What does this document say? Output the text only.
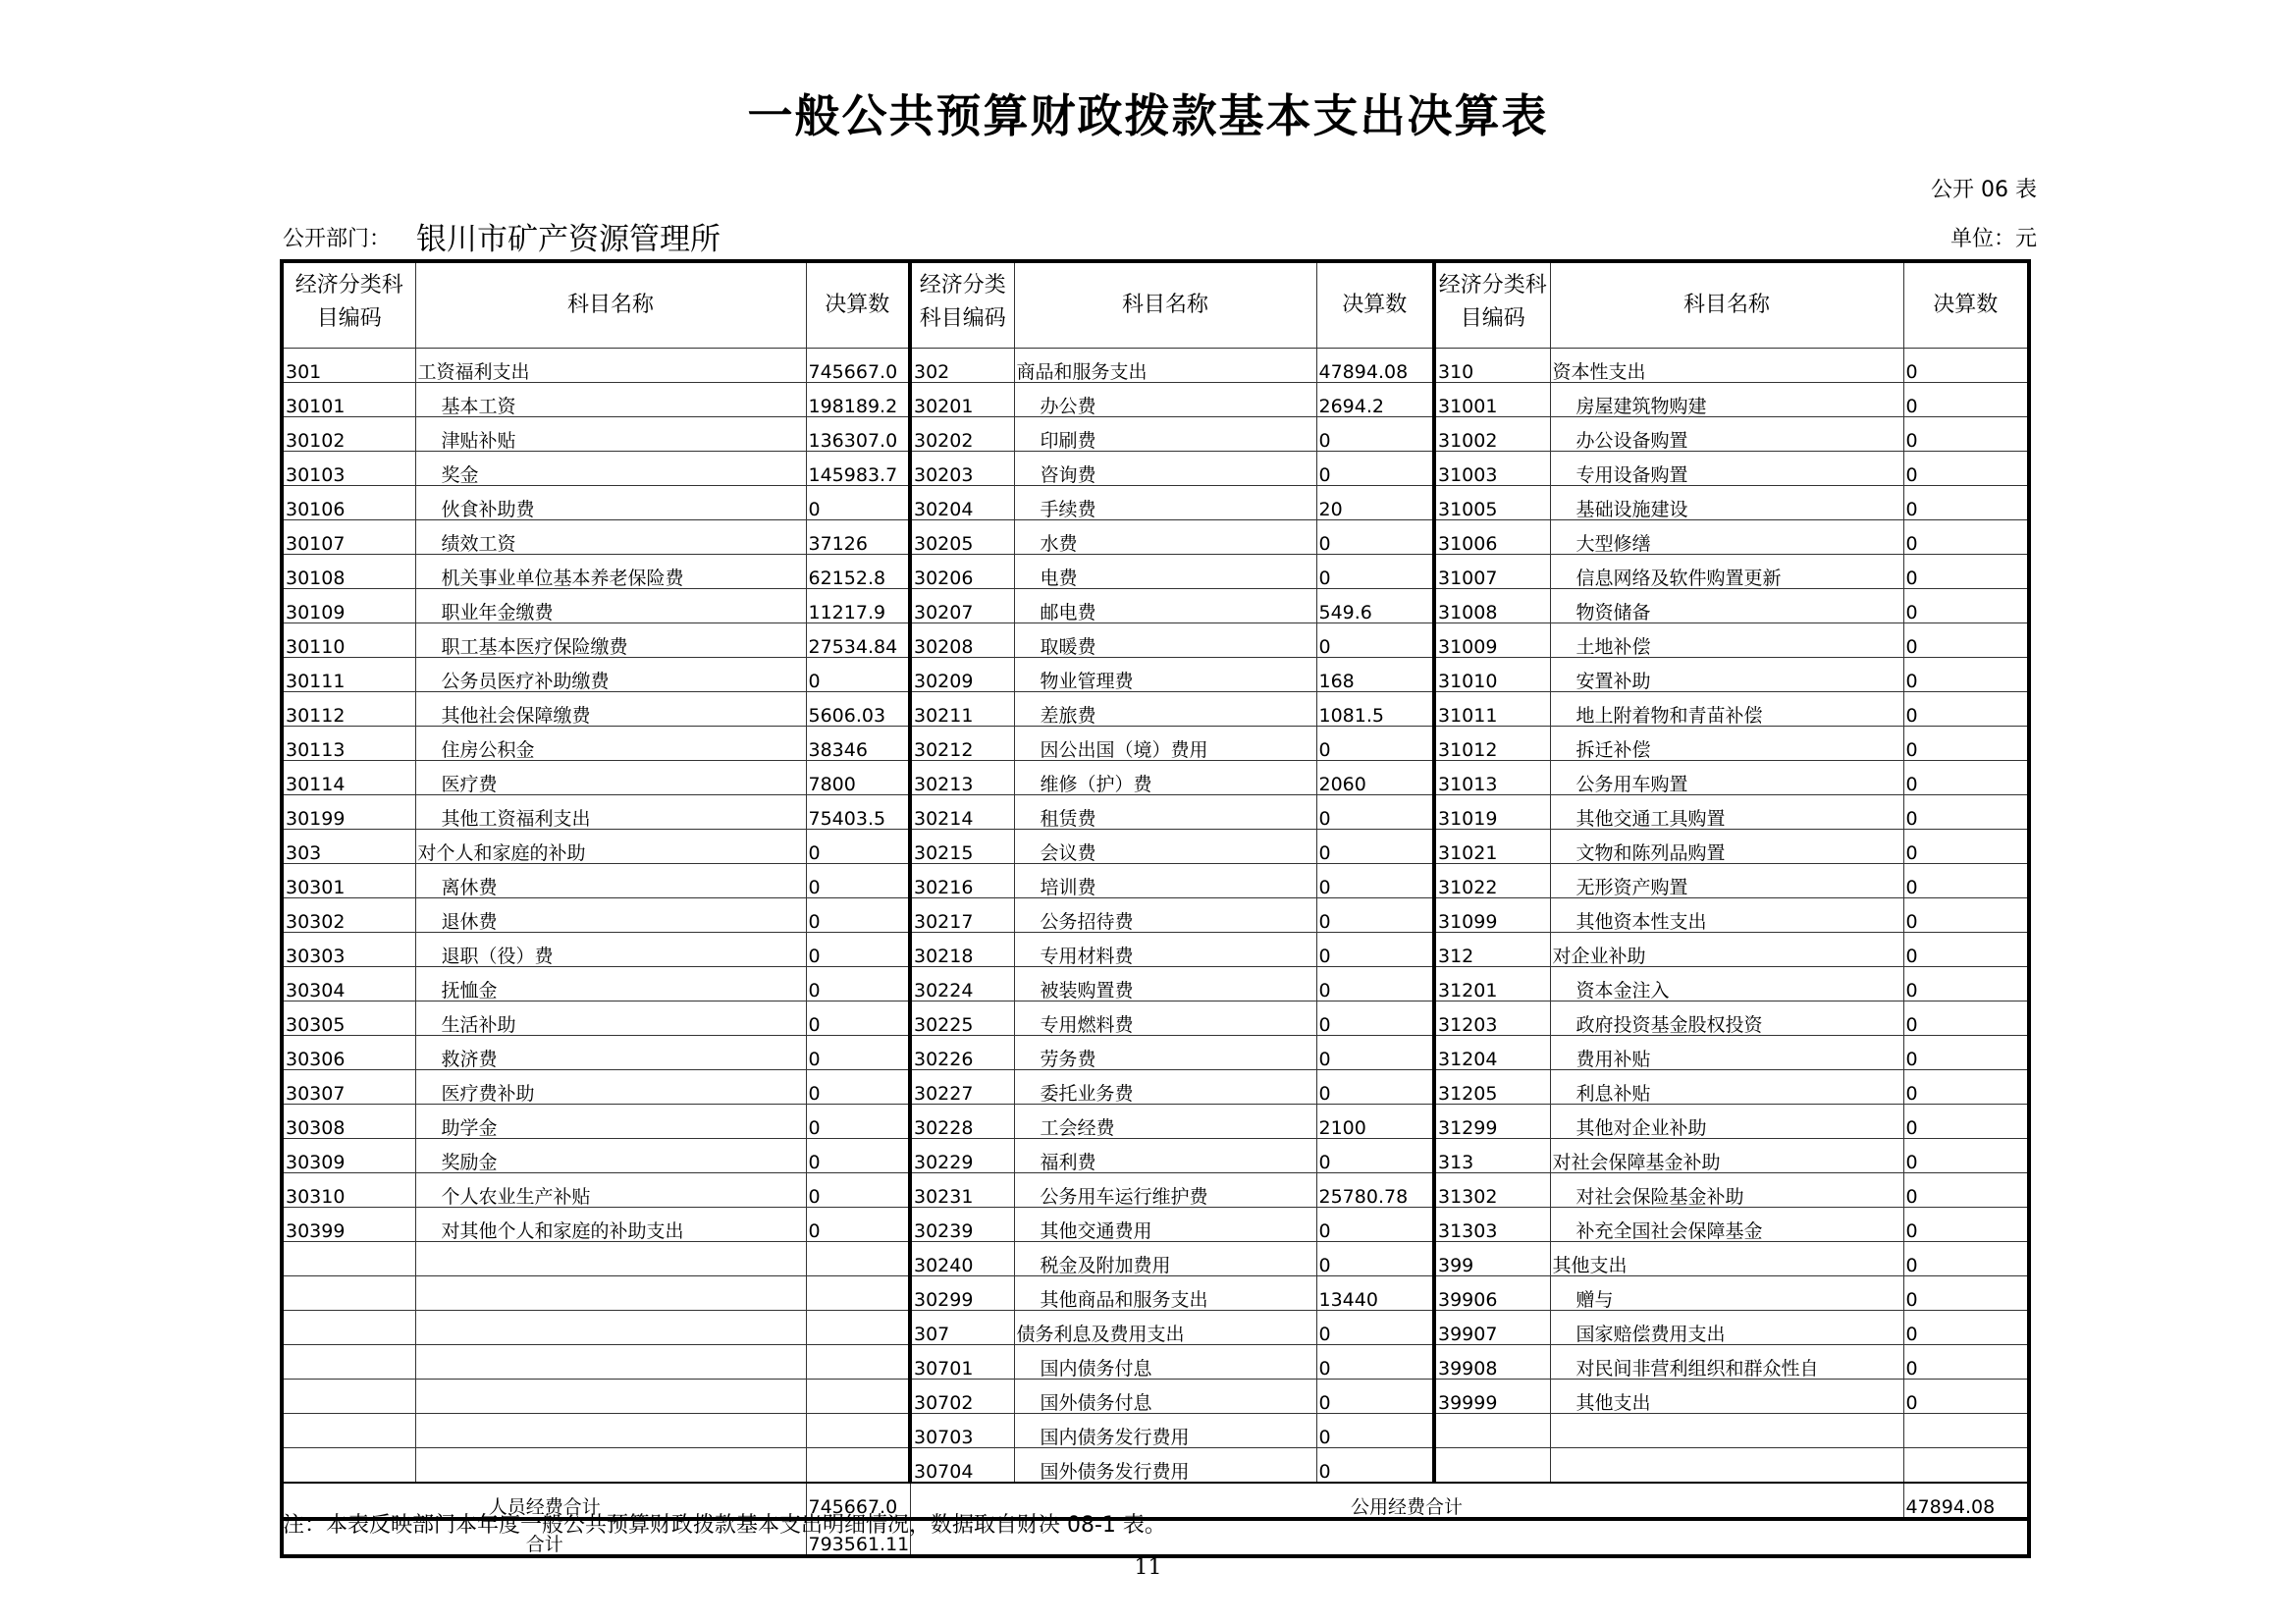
一般公共预算财政拨款基本支出决算表
公开 06 表
公开部门： 银川市矿产资源管理所	单位：元
经济分类科目编码	科目名称	决算数	经济分类科目编码	科目名称	决算数	经济分类科目编码	科目名称	决算数
301	工资福利支出	745667.0	302	商品和服务支出	47894.08	310	资本性支出	0
30101	基本工资	198189.2	30201	办公费	2694.2	31001	房屋建筑物购建	0
30102	津贴补贴	136307.0	30202	印刷费	0	31002	办公设备购置	0
30103	奖金	145983.7	30203	咨询费	0	31003	专用设备购置	0
30106	伙食补助费	0	30204	手续费	20	31005	基础设施建设	0
30107	绩效工资	37126	30205	水费	0	31006	大型修缮	0
30108	机关事业单位基本养老保险费	62152.8	30206	电费	0	31007	信息网络及软件购置更新	0
30109	职业年金缴费	11217.9	30207	邮电费	549.6	31008	物资储备	0
30110	职工基本医疗保险缴费	27534.84	30208	取暖费	0	31009	土地补偿	0
30111	公务员医疗补助缴费	0	30209	物业管理费	168	31010	安置补助	0
30112	其他社会保障缴费	5606.03	30211	差旅费	1081.5	31011	地上附着物和青苗补偿	0
30113	住房公积金	38346	30212	因公出国（境）费用	0	31012	拆迁补偿	0
30114	医疗费	7800	30213	维修（护）费	2060	31013	公务用车购置	0
30199	其他工资福利支出	75403.5	30214	租赁费	0	31019	其他交通工具购置	0
303	对个人和家庭的补助	0	30215	会议费	0	31021	文物和陈列品购置	0
30301	离休费	0	30216	培训费	0	31022	无形资产购置	0
30302	退休费	0	30217	公务招待费	0	31099	其他资本性支出	0
30303	退职（役）费	0	30218	专用材料费	0	312	对企业补助	0
30304	抚恤金	0	30224	被装购置费	0	31201	资本金注入	0
30305	生活补助	0	30225	专用燃料费	0	31203	政府投资基金股权投资	0
30306	救济费	0	30226	劳务费	0	31204	费用补贴	0
30307	医疗费补助	0	30227	委托业务费	0	31205	利息补贴	0
30308	助学金	0	30228	工会经费	2100	31299	其他对企业补助	0
30309	奖励金	0	30229	福利费	0	313	对社会保障基金补助	0
30310	个人农业生产补贴	0	30231	公务用车运行维护费	25780.78	31302	对社会保险基金补助	0
30399	对其他个人和家庭的补助支出	0	30239	其他交通费用	0	31303	补充全国社会保障基金	0
			30240	税金及附加费用	0	399	其他支出	0
			30299	其他商品和服务支出	13440	39906	赠与	0
			307	债务利息及费用支出	0	39907	国家赔偿费用支出	0
			30701	国内债务付息	0	39908	对民间非营利组织和群众性自	0
			30702	国外债务付息	0	39999	其他支出	0
			30703	国内债务发行费用	0			
			30704	国外债务发行费用	0			
人员经费合计		745667.0	公用经费合计					47894.08
合计		793561.11						
注：本表反映部门本年度一般公共预算财政拨款基本支出明细情况，数据取自财决 08-1 表。
11
